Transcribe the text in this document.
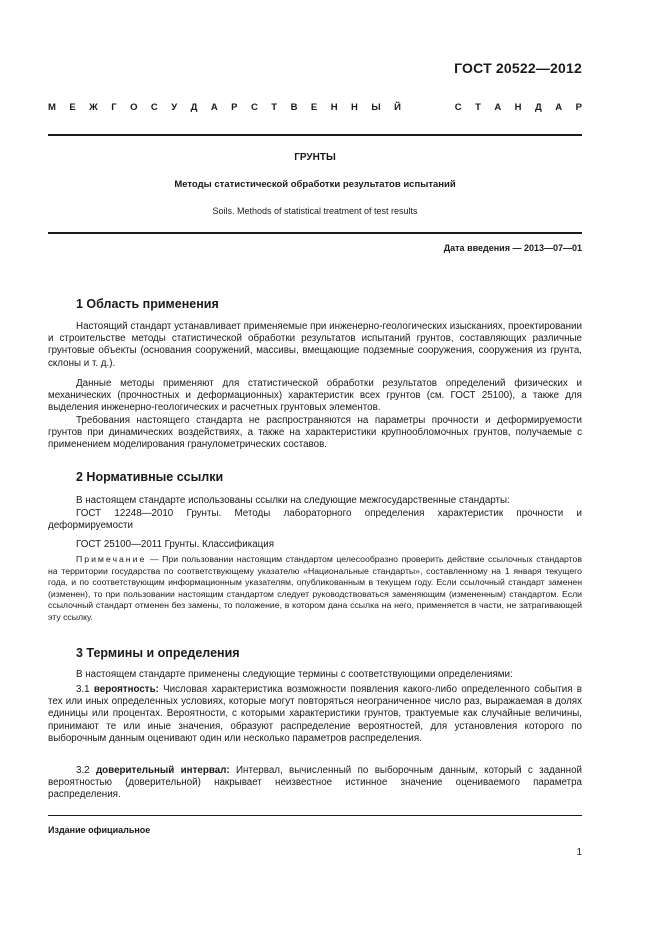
ГОСТ 20522—2012
М Е Ж Г О С У Д А Р С Т В Е Н Н Ы Й	С Т А Н Д А Р
ГРУНТЫ
Методы статистической обработки результатов испытаний
Soils. Methods of statistical treatment of test results
Дата введения — 2013—07—01
1 Область применения
Настоящий стандарт устанавливает применяемые при инженерно-геологических изысканиях, проектировании и строительстве методы статистической обработки результатов испытаний грунтов, составляющих различные грунтовые объекты (основания сооружений, массивы, вмещающие подземные сооружения, сооружения из грунта, склоны и т. д.).
Данные методы применяют для статистической обработки результатов определений физических и механических (прочностных и деформационных) характеристик всех грунтов (см. ГОСТ 25100), а также для выделения инженерно-геологических и расчетных грунтовых элементов.
Требования настоящего стандарта не распространяются на параметры прочности и деформируемости грунтов при динамических воздействиях, а также на характеристики крупнообломочных грунтов, получаемые с применением моделирования гранулометрических составов.
2 Нормативные ссылки
В настоящем стандарте использованы ссылки на следующие межгосударственные стандарты:
ГОСТ 12248—2010 Грунты. Методы лабораторного определения характеристик прочности и деформируемости
ГОСТ 25100—2011 Грунты. Классификация
Примечание — При пользовании настоящим стандартом целесообразно проверить действие ссылочных стандартов на территории государства по соответствующему указателю «Национальные стандарты», составленному на 1 января текущего года, и по соответствующим информационным указателям, опубликованным в текущем году. Если ссылочный стандарт заменен (изменен), то при пользовании настоящим стандартом следует руководствоваться заменяющим (измененным) стандартом. Если ссылочный стандарт отменен без замены, то положение, в котором дана ссылка на него, применяется в части, не затрагивающей эту ссылку.
3 Термины и определения
В настоящем стандарте применены следующие термины с соответствующими определениями:
3.1 вероятность: Числовая характеристика возможности появления какого-либо определенного события в тех или иных определенных условиях, которые могут повторяться неограниченное число раз, выражаемая в долях единицы или процентах. Вероятности, с которыми характеристики грунтов, трактуемые как случайные величины, принимают те или иные значения, образуют распределение вероятностей, для установления которого по выборочным данным оценивают один или несколько параметров распределения.
3.2 доверительный интервал: Интервал, вычисленный по выборочным данным, который с заданной вероятностью (доверительной) накрывает неизвестное истинное значение оцениваемого параметра распределения.
Издание официальное
1
